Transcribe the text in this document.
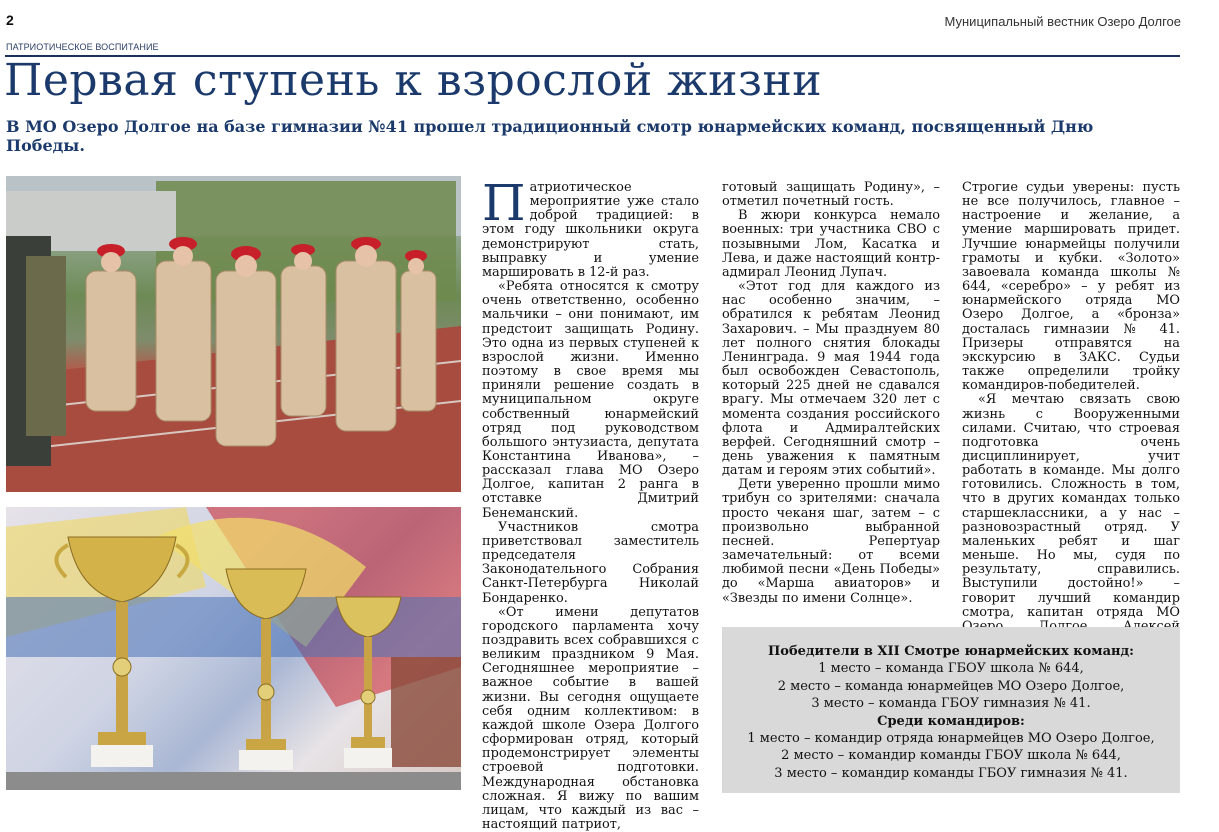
2	Муниципальный вестник Озеро Долгое
ПАТРИОТИЧЕСКОЕ ВОСПИТАНИЕ
Первая ступень к взрослой жизни
В МО Озеро Долгое на базе гимназии №41 прошел традиционный смотр юнармейских команд, посвященный Дню Победы.

Патриотическое мероприятие уже стало доброй традицией: в этом году школьники округа демонстрируют стать, выправку и умение маршировать в 12-й раз.

«Ребята относятся к смотру очень ответственно, особенно мальчики – они понимают, им предстоит защищать Родину. Это одна из первых ступеней к взрослой жизни. Именно поэтому в свое время мы приняли решение создать в муниципальном округе собственный юнармейский отряд под руководством большого энтузиаста, депутата Константина Иванова», – рассказал глава МО Озеро Долгое, капитан 2 ранга в отставке Дмитрий Бенеманский.

Участников смотра приветствовал заместитель председателя Законодательного Собрания Санкт-Петербурга Николай Бондаренко.

«От имени депутатов городского парламента хочу поздравить всех собравшихся с великим праздником 9 Мая. Сегодняшнее мероприятие – важное событие в вашей жизни. Вы сегодня ощущаете себя одним коллективом: в каждой школе Озера Долгого сформирован отряд, который продемонстрирует элементы строевой подготовки. Международная обстановка сложная. Я вижу по вашим лицам, что каждый из вас – настоящий патриот,

готовый защищать Родину», – отметил почетный гость.

В жюри конкурса немало военных: три участника СВО с позывными Лом, Касатка и Лева, и даже настоящий контр-адмирал Леонид Лупач.

«Этот год для каждого из нас особенно значим, – обратился к ребятам Леонид Захарович. – Мы празднуем 80 лет полного снятия блокады Ленинграда. 9 мая 1944 года был освобожден Севастополь, который 225 дней не сдавался врагу. Мы отмечаем 320 лет с момента создания российского флота и Адмиралтейских верфей. Сегодняшний смотр – день уважения к памятным датам и героям этих событий».

Дети уверенно прошли мимо трибун со зрителями: сначала просто чеканя шаг, затем – с произвольно выбранной песней. Репертуар замечательный: от всеми любимой песни «День Победы» до «Марша авиаторов» и «Звезды по имени Солнце».

Строгие судьи уверены: пусть не все получилось, главное – настроение и желание, а умение маршировать придет. Лучшие юнармейцы получили грамоты и кубки. «Золото» завоевала команда школы № 644, «серебро» – у ребят из юнармейского отряда МО Озеро Долгое, а «бронза» досталась гимназии № 41. Призеры отправятся на экскурсию в ЗАКС. Судьи также определили тройку командиров-победителей.

«Я мечтаю связать свою жизнь с Вооруженными силами. Считаю, что строевая подготовка очень дисциплинирует, учит работать в команде. Мы долго готовились. Сложность в том, что в других командах только старшеклассники, а у нас – разновозрастный отряд. У маленьких ребят и шаг меньше. Но мы, судя по результату, справились. Выступили достойно!» – говорит лучший командир смотра, капитан отряда МО

Победители в XII Смотре юнармейских команд:
1 место – команда ГБОУ школа № 644,
2 место – команда юнармейцев МО Озеро Долгое,
3 место – команда ГБОУ гимназия № 41.
Среди командиров:
1 место – командир отряда юнармейцев МО Озеро Долгое,
2 место – командир команды ГБОУ школа № 644,
3 место – командир команды ГБОУ гимназия № 41.
